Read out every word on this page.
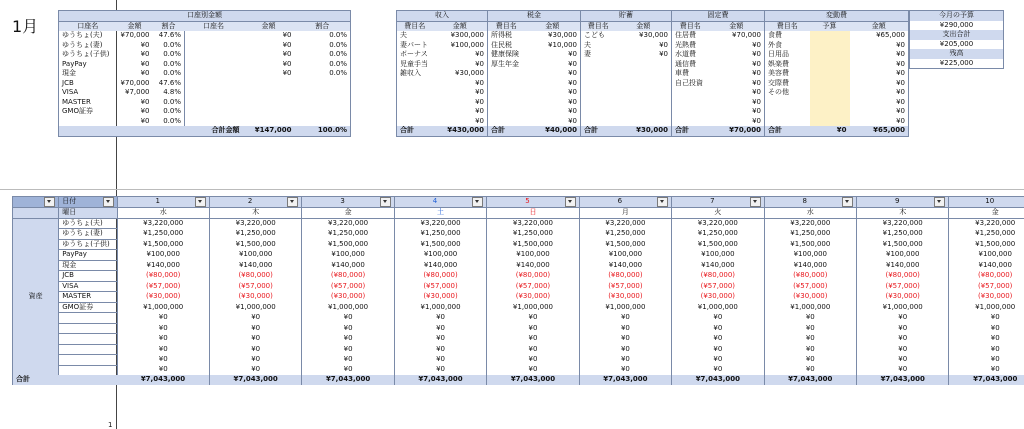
1月
口座別金額					
口座名	金額	割合	口座名	金額	割合
ゆうちょ(夫)	¥70,000	47.6%		¥0	0.0%
ゆうちょ(妻)	¥0	0.0%		¥0	0.0%
ゆうちょ(子供)	¥0	0.0%		¥0	0.0%
PayPay	¥0	0.0%		¥0	0.0%
現金	¥0	0.0%		¥0	0.0%
JCB	¥70,000	47.6%			
VISA	¥7,000	4.8%			
MASTER	¥0	0.0%			
GMO証券	¥0	0.0%			
	¥0	0.0%			
			合計金額	¥147,000	100.0%
収入		税金		貯蓄		固定費		変動費		
費目名	金額	費目名	金額	費目名	金額	費目名	金額	費目名	予算	金額
夫	¥300,000	所得税	¥30,000	こども	¥30,000	住居費	¥70,000	食費		¥65,000
妻パート	¥100,000	住民税	¥10,000	夫	¥0	光熱費	¥0	外食		¥0
ボーナス	¥0	健康保険	¥0	妻	¥0	水道費	¥0	日用品		¥0
児童手当	¥0	厚生年金	¥0			通信費	¥0	娯楽費		¥0
雑収入	¥30,000		¥0			車費	¥0	美容費		¥0
	¥0		¥0			自己投資	¥0	交際費		¥0
	¥0		¥0				¥0	その他		¥0
	¥0		¥0				¥0			¥0
	¥0		¥0				¥0			¥0
	¥0		¥0				¥0			¥0
合計	¥430,000	合計	¥40,000	合計	¥30,000	合計	¥70,000	合計	¥0	¥65,000
今月の予算
¥290,000
支出合計
¥205,000
残高
¥225,000
	日付	1	2	3	4	5	6	7	8	9	10

	曜日	水	木	金	土	日	月	火	水	木	金
資産	ゆうちょ(夫)	¥3,220,000	¥3,220,000	¥3,220,000	¥3,220,000	¥3,220,000	¥3,220,000	¥3,220,000	¥3,220,000	¥3,220,000	¥3,220,000
	ゆうちょ(妻)	¥1,250,000	¥1,250,000	¥1,250,000	¥1,250,000	¥1,250,000	¥1,250,000	¥1,250,000	¥1,250,000	¥1,250,000	¥1,250,000
	ゆうちょ(子供)	¥1,500,000	¥1,500,000	¥1,500,000	¥1,500,000	¥1,500,000	¥1,500,000	¥1,500,000	¥1,500,000	¥1,500,000	¥1,500,000
	PayPay	¥100,000	¥100,000	¥100,000	¥100,000	¥100,000	¥100,000	¥100,000	¥100,000	¥100,000	¥100,000
	現金	¥140,000	¥140,000	¥140,000	¥140,000	¥140,000	¥140,000	¥140,000	¥140,000	¥140,000	¥140,000
	JCB	(¥80,000)	(¥80,000)	(¥80,000)	(¥80,000)	(¥80,000)	(¥80,000)	(¥80,000)	(¥80,000)	(¥80,000)	(¥80,000)
	VISA	(¥57,000)	(¥57,000)	(¥57,000)	(¥57,000)	(¥57,000)	(¥57,000)	(¥57,000)	(¥57,000)	(¥57,000)	(¥57,000)
	MASTER	(¥30,000)	(¥30,000)	(¥30,000)	(¥30,000)	(¥30,000)	(¥30,000)	(¥30,000)	(¥30,000)	(¥30,000)	(¥30,000)
	GMO証券	¥1,000,000	¥1,000,000	¥1,000,000	¥1,000,000	¥1,000,000	¥1,000,000	¥1,000,000	¥1,000,000	¥1,000,000	¥1,000,000
		¥0	¥0	¥0	¥0	¥0	¥0	¥0	¥0	¥0	¥0
		¥0	¥0	¥0	¥0	¥0	¥0	¥0	¥0	¥0	¥0
		¥0	¥0	¥0	¥0	¥0	¥0	¥0	¥0	¥0	¥0
		¥0	¥0	¥0	¥0	¥0	¥0	¥0	¥0	¥0	¥0
		¥0	¥0	¥0	¥0	¥0	¥0	¥0	¥0	¥0	¥0
		¥0	¥0	¥0	¥0	¥0	¥0	¥0	¥0	¥0	¥0
合計		¥7,043,000	¥7,043,000	¥7,043,000	¥7,043,000	¥7,043,000	¥7,043,000	¥7,043,000	¥7,043,000	¥7,043,000	¥7,043,000
1
